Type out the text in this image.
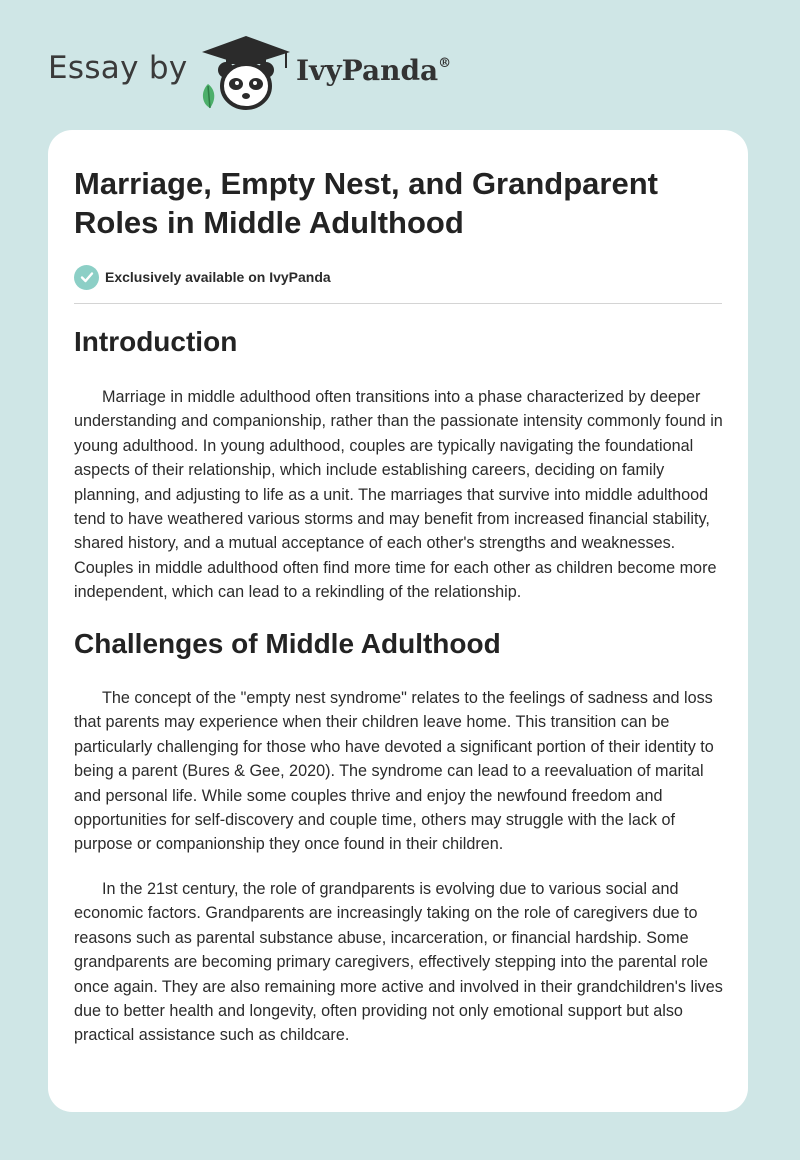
Essay by	IvyPanda®
Marriage, Empty Nest, and Grandparent Roles in Middle Adulthood
Exclusively available on IvyPanda
Introduction

Marriage in middle adulthood often transitions into a phase characterized by deeper understanding and companionship, rather than the passionate intensity commonly found in young adulthood. In young adulthood, couples are typically navigating the foundational aspects of their relationship, which include establishing careers, deciding on family planning, and adjusting to life as a unit. The marriages that survive into middle adulthood tend to have weathered various storms and may benefit from increased financial stability, shared history, and a mutual acceptance of each other's strengths and weaknesses. Couples in middle adulthood often find more time for each other as children become more independent, which can lead to a rekindling of the relationship.

Challenges of Middle Adulthood

The concept of the "empty nest syndrome" relates to the feelings of sadness and loss that parents may experience when their children leave home. This transition can be particularly challenging for those who have devoted a significant portion of their identity to being a parent (Bures & Gee, 2020). The syndrome can lead to a reevaluation of marital and personal life. While some couples thrive and enjoy the newfound freedom and opportunities for self-discovery and couple time, others may struggle with the lack of purpose or companionship they once found in their children.

In the 21st century, the role of grandparents is evolving due to various social and economic factors. Grandparents are increasingly taking on the role of caregivers due to reasons such as parental substance abuse, incarceration, or financial hardship. Some grandparents are becoming primary caregivers, effectively stepping into the parental role once again. They are also remaining more active and involved in their grandchildren's lives due to better health and longevity, often providing not only emotional support but also practical assistance such as childcare.
